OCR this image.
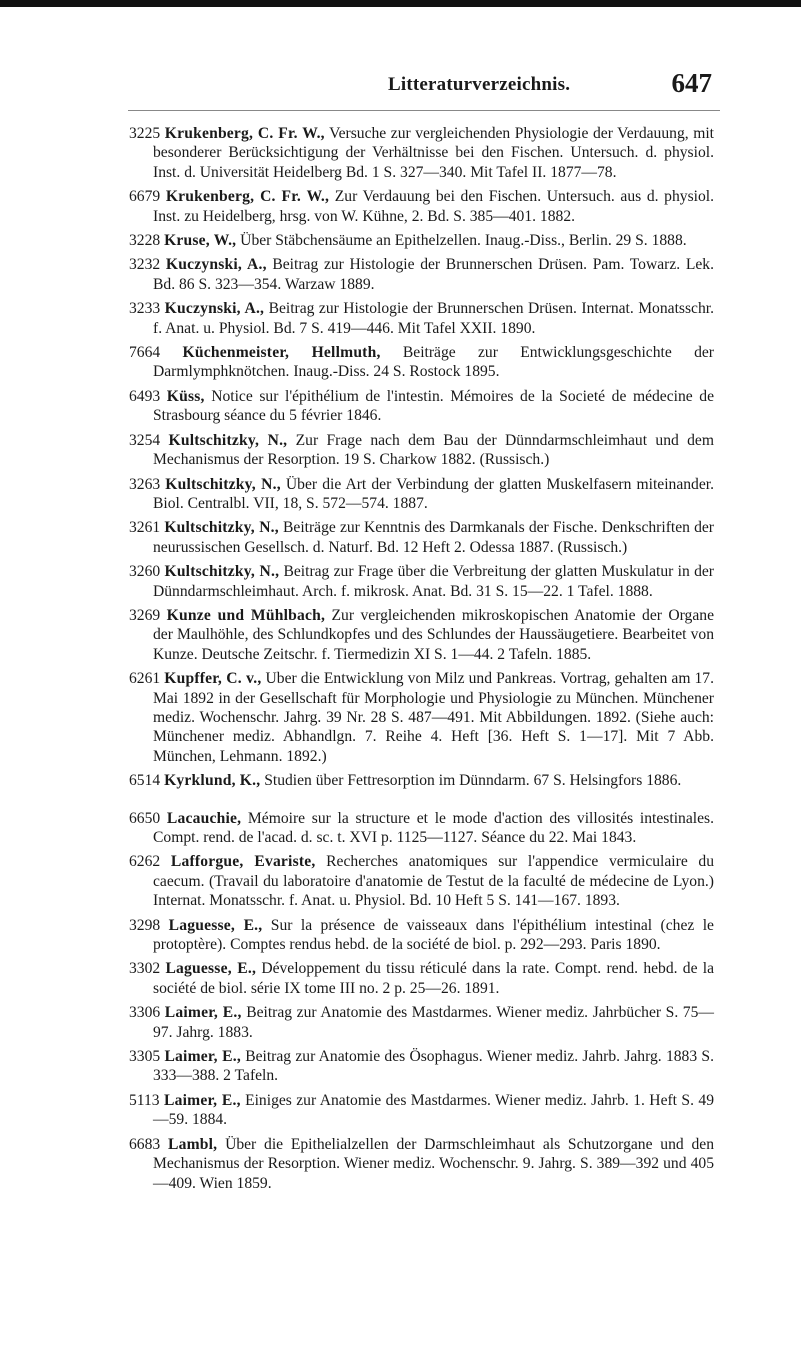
Litteraturverzeichnis.	647

3225 Krukenberg, C. Fr. W., Versuche zur vergleichenden Physiologie der Verdauung, mit besonderer Berücksichtigung der Verhältnisse bei den Fischen. Untersuch. d. physiol. Inst. d. Universität Heidelberg Bd. 1 S. 327—340. Mit Tafel II. 1877—78.

6679 Krukenberg, C. Fr. W., Zur Verdauung bei den Fischen. Untersuch. aus d. physiol. Inst. zu Heidelberg, hrsg. von W. Kühne, 2. Bd. S. 385—401. 1882.

3228 Kruse, W., Über Stäbchensäume an Epithelzellen. Inaug.-Diss., Berlin. 29 S. 1888.

3232 Kuczynski, A., Beitrag zur Histologie der Brunnerschen Drüsen. Pam. Towarz. Lek. Bd. 86 S. 323—354. Warzaw 1889.

3233 Kuczynski, A., Beitrag zur Histologie der Brunnerschen Drüsen. Internat. Monatsschr. f. Anat. u. Physiol. Bd. 7 S. 419—446. Mit Tafel XXII. 1890.

7664 Küchenmeister, Hellmuth, Beiträge zur Entwicklungsgeschichte der Darmlymphknötchen. Inaug.-Diss. 24 S. Rostock 1895.

6493 Küss, Notice sur l'épithélium de l'intestin. Mémoires de la Societé de médecine de Strasbourg séance du 5 février 1846.

3254 Kultschitzky, N., Zur Frage nach dem Bau der Dünndarmschleimhaut und dem Mechanismus der Resorption. 19 S. Charkow 1882. (Russisch.)

3263 Kultschitzky, N., Über die Art der Verbindung der glatten Muskelfasern miteinander. Biol. Centralbl. VII, 18, S. 572—574. 1887.

3261 Kultschitzky, N., Beiträge zur Kenntnis des Darmkanals der Fische. Denkschriften der neurussischen Gesellsch. d. Naturf. Bd. 12 Heft 2. Odessa 1887. (Russisch.)

3260 Kultschitzky, N., Beitrag zur Frage über die Verbreitung der glatten Muskulatur in der Dünndarmschleimhaut. Arch. f. mikrosk. Anat. Bd. 31 S. 15—22. 1 Tafel. 1888.

3269 Kunze und Mühlbach, Zur vergleichenden mikroskopischen Anatomie der Organe der Maulhöhle, des Schlundkopfes und des Schlundes der Haussäugetiere. Bearbeitet von Kunze. Deutsche Zeitschr. f. Tiermedizin XI S. 1—44. 2 Tafeln. 1885.

6261 Kupffer, C. v., Uber die Entwicklung von Milz und Pankreas. Vortrag, gehalten am 17. Mai 1892 in der Gesellschaft für Morphologie und Physiologie zu München. Münchener mediz. Wochenschr. Jahrg. 39 Nr. 28 S. 487—491. Mit Abbildungen. 1892. (Siehe auch: Münchener mediz. Abhandlgn. 7. Reihe 4. Heft [36. Heft S. 1—17]. Mit 7 Abb. München, Lehmann. 1892.)

6514 Kyrklund, K., Studien über Fettresorption im Dünndarm. 67 S. Helsingfors 1886.

6650 Lacauchie, Mémoire sur la structure et le mode d'action des villosités intestinales. Compt. rend. de l'acad. d. sc. t. XVI p. 1125—1127. Séance du 22. Mai 1843.

6262 Lafforgue, Evariste, Recherches anatomiques sur l'appendice vermiculaire du caecum. (Travail du laboratoire d'anatomie de Testut de la faculté de médecine de Lyon.) Internat. Monatsschr. f. Anat. u. Physiol. Bd. 10 Heft 5 S. 141—167. 1893.

3298 Laguesse, E., Sur la présence de vaisseaux dans l'épithélium intestinal (chez le protoptère). Comptes rendus hebd. de la société de biol. p. 292—293. Paris 1890.

3302 Laguesse, E., Développement du tissu réticulé dans la rate. Compt. rend. hebd. de la société de biol. série IX tome III no. 2 p. 25—26. 1891.

3306 Laimer, E., Beitrag zur Anatomie des Mastdarmes. Wiener mediz. Jahrbücher S. 75—97. Jahrg. 1883.

3305 Laimer, E., Beitrag zur Anatomie des Ösophagus. Wiener mediz. Jahrb. Jahrg. 1883 S. 333—388. 2 Tafeln.

5113 Laimer, E., Einiges zur Anatomie des Mastdarmes. Wiener mediz. Jahrb. 1. Heft S. 49—59. 1884.

6683 Lambl, Über die Epithelialzellen der Darmschleimhaut als Schutzorgane und den Mechanismus der Resorption. Wiener mediz. Wochenschr. 9. Jahrg. S. 389—392 und 405—409. Wien 1859.
